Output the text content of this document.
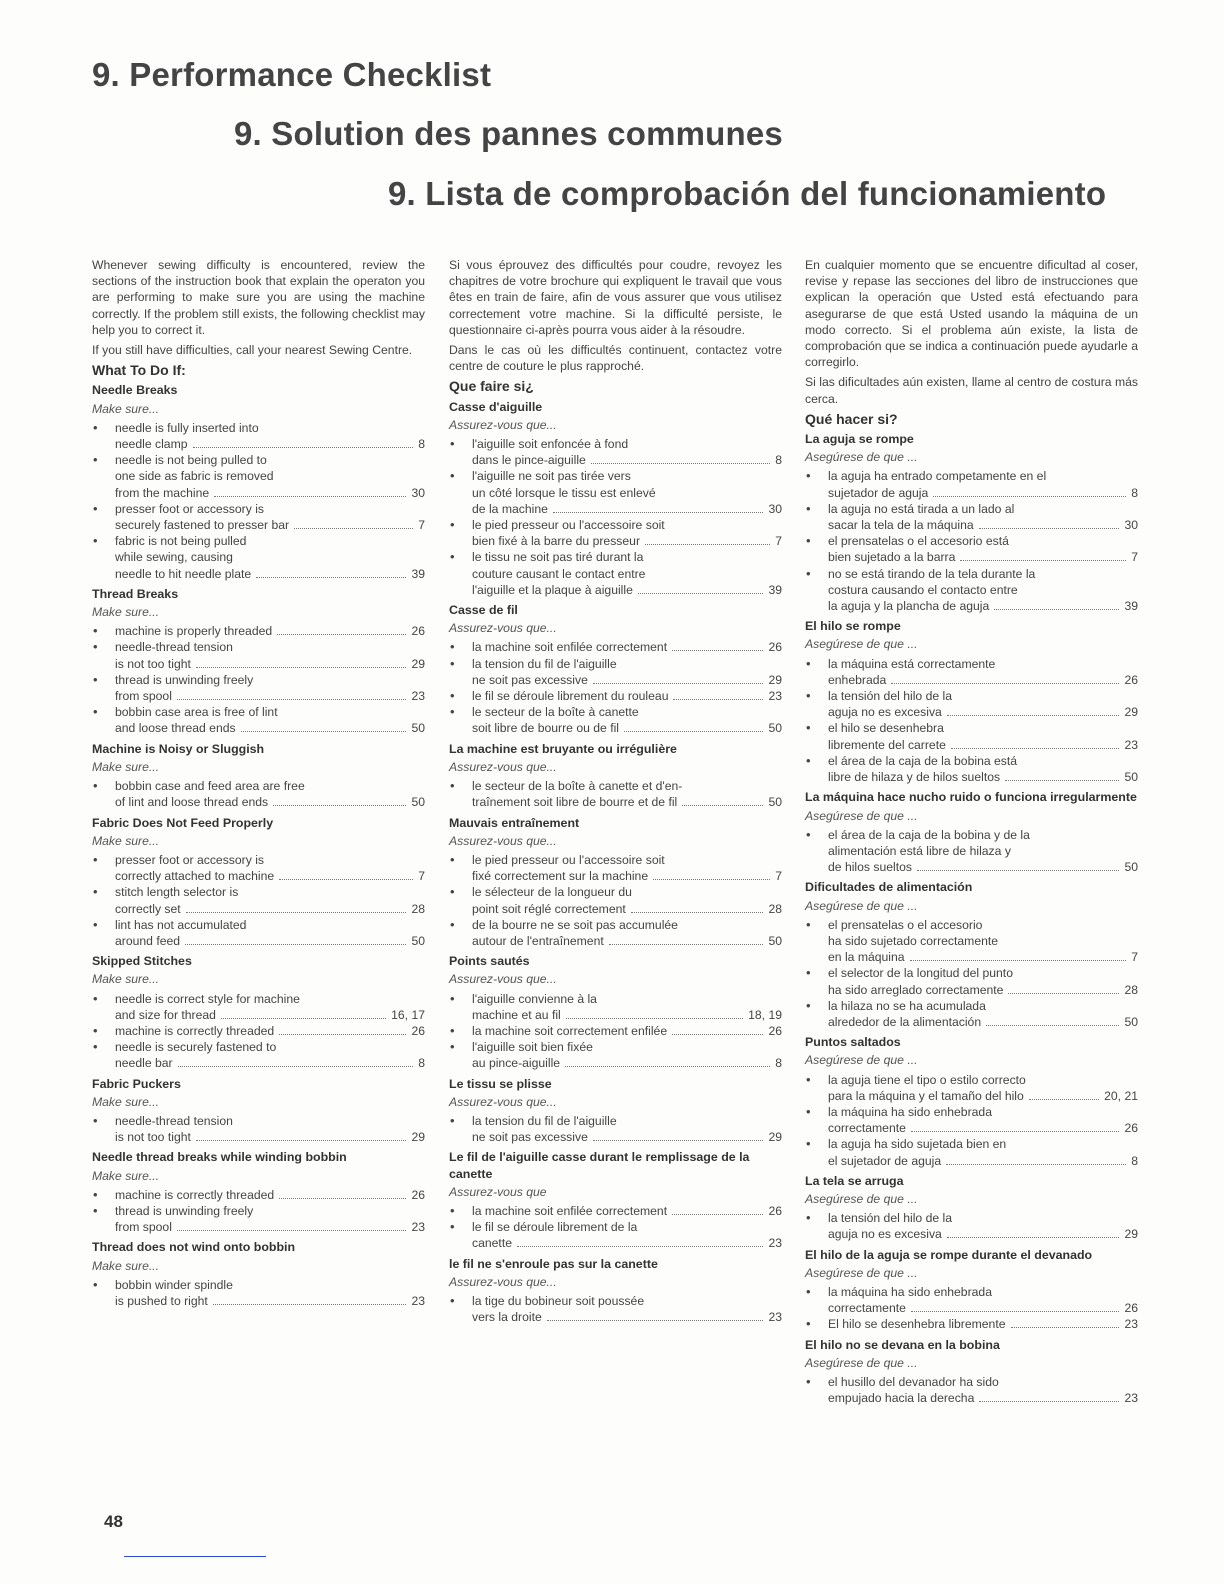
9. Performance Checklist
9. Solution des pannes communes
9. Lista de comprobación del funcionamiento

Whenever sewing difficulty is encountered, review the sections of the instruction book that explain the operaton you are performing to make sure you are using the machine correctly. If the problem still exists, the following checklist may help you to correct it.

If you still have difficulties, call your nearest Sewing Centre.

What To Do If:
Needle Breaks
Make sure...
• needle is fully inserted into
needle clamp	8
• needle is not being pulled to
one side as fabric is removed
from the machine	30
• presser foot or accessory is
securely fastened to presser bar	7
• fabric is not being pulled
while sewing, causing
needle to hit needle plate	39
Thread Breaks
Make sure...
• machine is properly threaded	26
• needle-thread tension
is not too tight	29
• thread is unwinding freely
from spool	23
• bobbin case area is free of lint
and loose thread ends	50
Machine is Noisy or Sluggish
Make sure...
• bobbin case and feed area are free
of lint and loose thread ends	50
Fabric Does Not Feed Properly
Make sure...
• presser foot or accessory is
correctly attached to machine	7
• stitch length selector is
correctly set	28
• lint has not accumulated
around feed	50
Skipped Stitches
Make sure...
• needle is correct style for machine
and size for thread	16, 17
• machine is correctly threaded	26
• needle is securely fastened to
needle bar	8
Fabric Puckers
Make sure...
• needle-thread tension
is not too tight	29
Needle thread breaks while winding bobbin
Make sure...
• machine is correctly threaded	26
• thread is unwinding freely
from spool	23
Thread does not wind onto bobbin
Make sure...
• bobbin winder spindle
is pushed to right	23

Si vous éprouvez des difficultés pour coudre, revoyez les chapitres de votre brochure qui expliquent le travail que vous êtes en train de faire, afin de vous assurer que vous utilisez correctement votre machine. Si la difficulté persiste, le questionnaire ci-après pourra vous aider à la résoudre.

Dans le cas où les difficultés continuent, contactez votre centre de couture le plus rapproché.

Que faire si¿
Casse d'aiguille
Assurez-vous que...
• l'aiguille soit enfoncée à fond
dans le pince-aiguille	8
• l'aiguille ne soit pas tirée vers
un côté lorsque le tissu est enlevé
de la machine	30
• le pied presseur ou l'accessoire soit
bien fixé à la barre du presseur	7
• le tissu ne soit pas tiré durant la
couture causant le contact entre
l'aiguille et la plaque à aiguille	39
Casse de fil
Assurez-vous que...
• la machine soit enfilée correctement	26
• la tension du fil de l'aiguille
ne soit pas excessive	29
• le fil se déroule librement du rouleau	23
• le secteur de la boîte à canette
soit libre de bourre ou de fil	50
La machine est bruyante ou irrégulière
Assurez-vous que...
• le secteur de la boîte à canette et d'en-
traînement soit libre de bourre et de fil	50
Mauvais entraînement
Assurez-vous que...
• le pied presseur ou l'accessoire soit
fixé correctement sur la machine	7
• le sélecteur de la longueur du
point soit réglé correctement	28
• de la bourre ne se soit pas accumulée
autour de l'entraînement	50
Points sautés
Assurez-vous que...
• l'aiguille convienne à la
machine et au fil	18, 19
• la machine soit correctement enfilée	26
• l'aiguille soit bien fixée
au pince-aiguille	8
Le tissu se plisse
Assurez-vous que...
• la tension du fil de l'aiguille
ne soit pas excessive	29
Le fil de l'aiguille casse durant le remplissage de la canette
Assurez-vous que
• la machine soit enfilée correctement	26
• le fil se déroule librement de la
canette	23
le fil ne s'enroule pas sur la canette
Assurez-vous que...
• la tige du bobineur soit poussée
vers la droite	23

En cualquier momento que se encuentre dificultad al coser, revise y repase las secciones del libro de instrucciones que explican la operación que Usted está efectuando para asegurarse de que está Usted usando la máquina de un modo correcto. Si el problema aún existe, la lista de comprobación que se indica a continuación puede ayudarle a corregirlo.

Si las dificultades aún existen, llame al centro de costura más cerca.

Qué hacer si?
La aguja se rompe
Asegúrese de que ...
• la aguja ha entrado competamente en el
sujetador de aguja	8
• la aguja no está tirada a un lado al
sacar la tela de la máquina	30
• el prensatelas o el accesorio está
bien sujetado a la barra	7
• no se está tirando de la tela durante la
costura causando el contacto entre
la aguja y la plancha de aguja	39
El hilo se rompe
Asegúrese de que ...
• la máquina está correctamente
enhebrada	26
• la tensión del hilo de la
aguja no es excesiva	29
• el hilo se desenhebra
libremente del carrete	23
• el área de la caja de la bobina está
libre de hilaza y de hilos sueltos	50
La máquina hace nucho ruido o funciona irregularmente
Asegúrese de que ...
• el área de la caja de la bobina y de la
alimentación está libre de hilaza y
de hilos sueltos	50
Dificultades de alimentación
Asegúrese de que ...
• el prensatelas o el accesorio
ha sido sujetado correctamente
en la máquina	7
• el selector de la longitud del punto
ha sido arreglado correctamente	28
• la hilaza no se ha acumulada
alrededor de la alimentación	50
Puntos saltados
Asegúrese de que ...
• la aguja tiene el tipo o estilo correcto
para la máquina y el tamaño del hilo	20, 21
• la máquina ha sido enhebrada
correctamente	26
• la aguja ha sido sujetada bien en
el sujetador de aguja	8
La tela se arruga
Asegúrese de que ...
• la tensión del hilo de la
aguja no es excesiva	29
El hilo de la aguja se rompe durante el devanado
Asegúrese de que ...
• la máquina ha sido enhebrada
correctamente	26
• El hilo se desenhebra libremente	23
El hilo no se devana en la bobina
Asegúrese de que ...
• el husillo del devanador ha sido
empujado hacia la derecha	23
48
